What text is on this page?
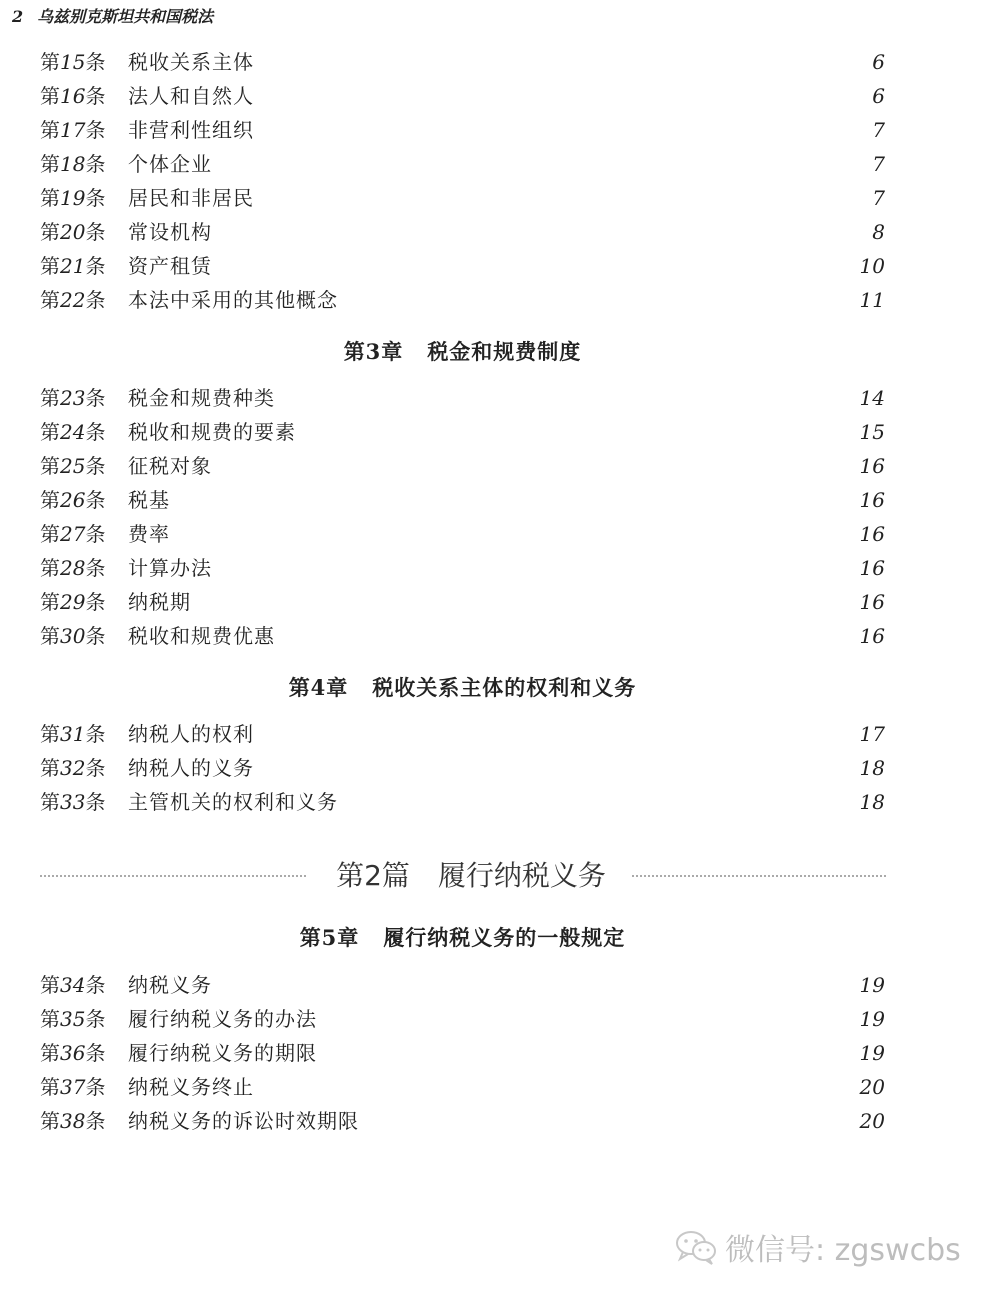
2 乌兹别克斯坦共和国税法
第15条 税收关系主体	6
第16条 法人和自然人	6
第17条 非营利性组织	7
第18条 个体企业	7
第19条 居民和非居民	7
第20条 常设机构	8
第21条 资产租赁	10
第22条 本法中采用的其他概念	11
第3章 税金和规费制度
第23条 税金和规费种类	14
第24条 税收和规费的要素	15
第25条 征税对象	16
第26条 税基	16
第27条 费率	16
第28条 计算办法	16
第29条 纳税期	16
第30条 税收和规费优惠	16
第4章 税收关系主体的权利和义务
第31条 纳税人的权利	17
第32条 纳税人的义务	18
第33条 主管机关的权利和义务	18
第2篇 履行纳税义务
第5章 履行纳税义务的一般规定
第34条 纳税义务	19
第35条 履行纳税义务的办法	19
第36条 履行纳税义务的期限	19
第37条 纳税义务终止	20
第38条 纳税义务的诉讼时效期限	20
微信号: zgswcbs
